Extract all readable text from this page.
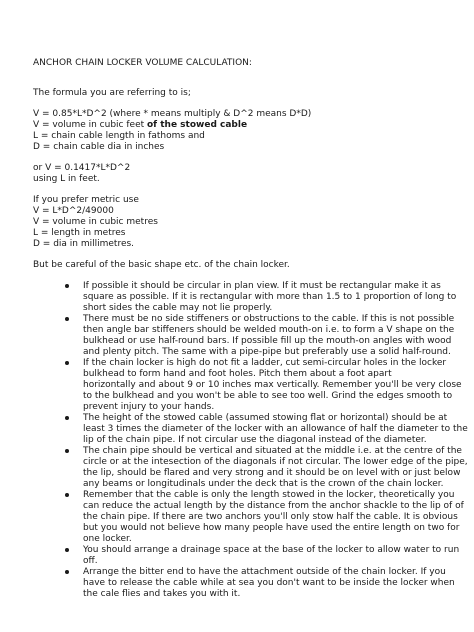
ANCHOR CHAIN LOCKER VOLUME CALCULATION:

The formula you are referring to is;

V = 0.85*L*D^2 (where * means multiply & D^2 means D*D)
V = volume in cubic feet of the stowed cable
L = chain cable length in fathoms and
D = chain cable dia in inches

or V = 0.1417*L*D^2
using L in feet.

If you prefer metric use
V = L*D^2/49000
V = volume in cubic metres
L = length in metres
D = dia in millimetres.

But be careful of the basic shape etc. of the chain locker.

If possible it should be circular in plan view. If it must be rectangular make it as
square as possible. If it is rectangular with more than 1.5 to 1 proportion of long to
short sides the cable may not lie properly.
There must be no side stiffeners or obstructions to the cable. If this is not possible
then angle bar stiffeners should be welded mouth-on i.e. to form a V shape on the
bulkhead or use half-round bars. If possible fill up the mouth-on angles with wood
and plenty pitch. The same with a pipe-pipe but preferably use a solid half-round.
If the chain locker is high do not fit a ladder, cut semi-circular holes in the locker
bulkhead to form hand and foot holes. Pitch them about a foot apart
horizontally and about 9 or 10 inches max vertically. Remember you'll be very close
to the bulkhead and you won't be able to see too well. Grind the edges smooth to
prevent injury to your hands.
The height of the stowed cable (assumed stowing flat or horizontal) should be at
least 3 times the diameter of the locker with an allowance of half the diameter to the
lip of the chain pipe. If not circular use the diagonal instead of the diameter.
The chain pipe should be vertical and situated at the middle i.e. at the centre of the
circle or at the intesection of the diagonals if not circular. The lower edge of the pipe,
the lip, should be flared and very strong and it should be on level with or just below
any beams or longitudinals under the deck that is the crown of the chain locker.
Remember that the cable is only the length stowed in the locker, theoretically you
can reduce the actual length by the distance from the anchor shackle to the lip of of
the chain pipe. If there are two anchors you'll only stow half the cable. It is obvious
but you would not believe how many people have used the entire length on two for
one locker.
You should arrange a drainage space at the base of the locker to allow water to run
off.
Arrange the bitter end to have the attachment outside of the chain locker. If you
have to release the cable while at sea you don't want to be inside the locker when
the cale flies and takes you with it.
